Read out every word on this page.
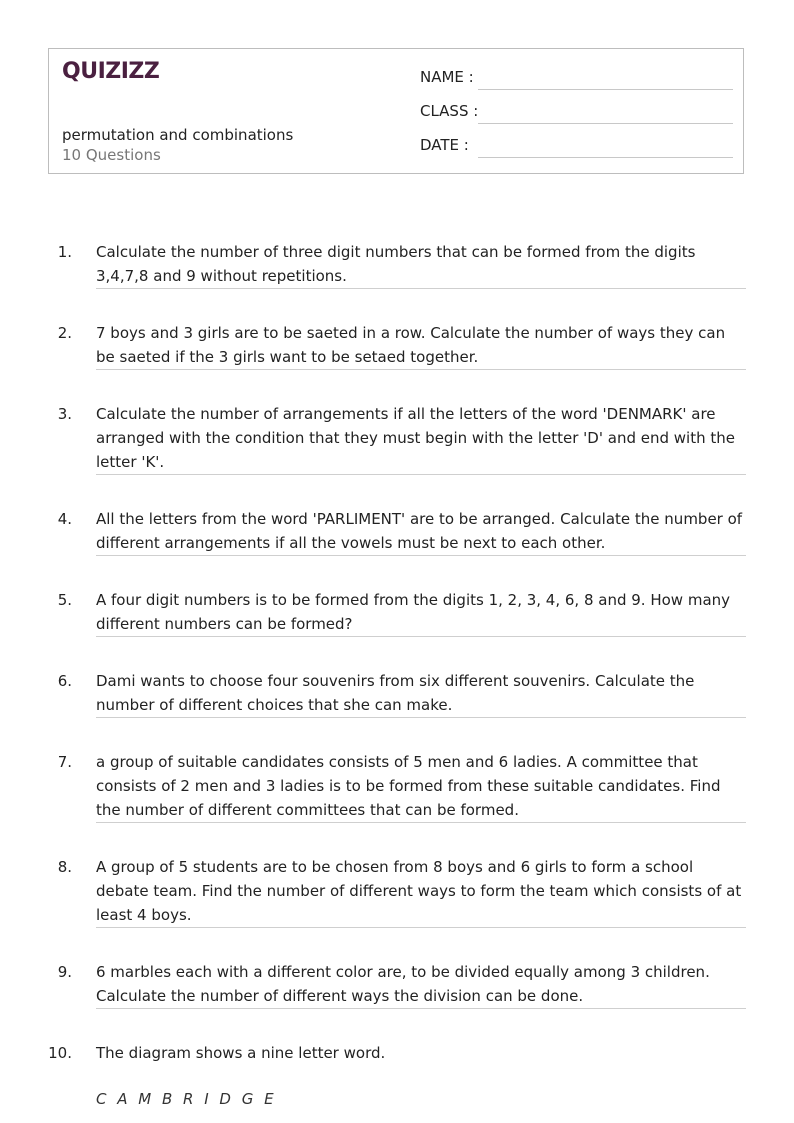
QUIZIZZ
permutation and combinations
10 Questions
NAME :
CLASS :
DATE :
1. Calculate the number of three digit numbers that can be formed from the digits 3,4,7,8 and 9 without repetitions.
2. 7 boys and 3 girls are to be saeted in a row. Calculate the number of ways they can be saeted if the 3 girls want to be setaed together.
3. Calculate the number of arrangements if all the letters of the word 'DENMARK' are arranged with the condition that they must begin with the letter 'D' and end with the letter 'K'.
4. All the letters from the word 'PARLIMENT' are to be arranged. Calculate the number of different arrangements if all the vowels must be next to each other.
5. A four digit numbers is to be formed from the digits 1, 2, 3, 4, 6, 8 and 9. How many different numbers can be formed?
6. Dami wants to choose four souvenirs from six different souvenirs. Calculate the number of different choices that she can make.
7. a group of suitable candidates consists of 5 men and 6 ladies. A committee that consists of 2 men and 3 ladies is to be formed from these suitable candidates. Find the number of different committees that can be formed.
8. A group of 5 students are to be chosen from 8 boys and 6 girls to form a school debate team. Find the number of different ways to form the team which consists of at least 4 boys.
9. 6 marbles each with a different color are, to be divided equally among 3 children. Calculate the number of different ways the division can be done.
10. The diagram shows a nine letter word.
C A M B R I D G E
